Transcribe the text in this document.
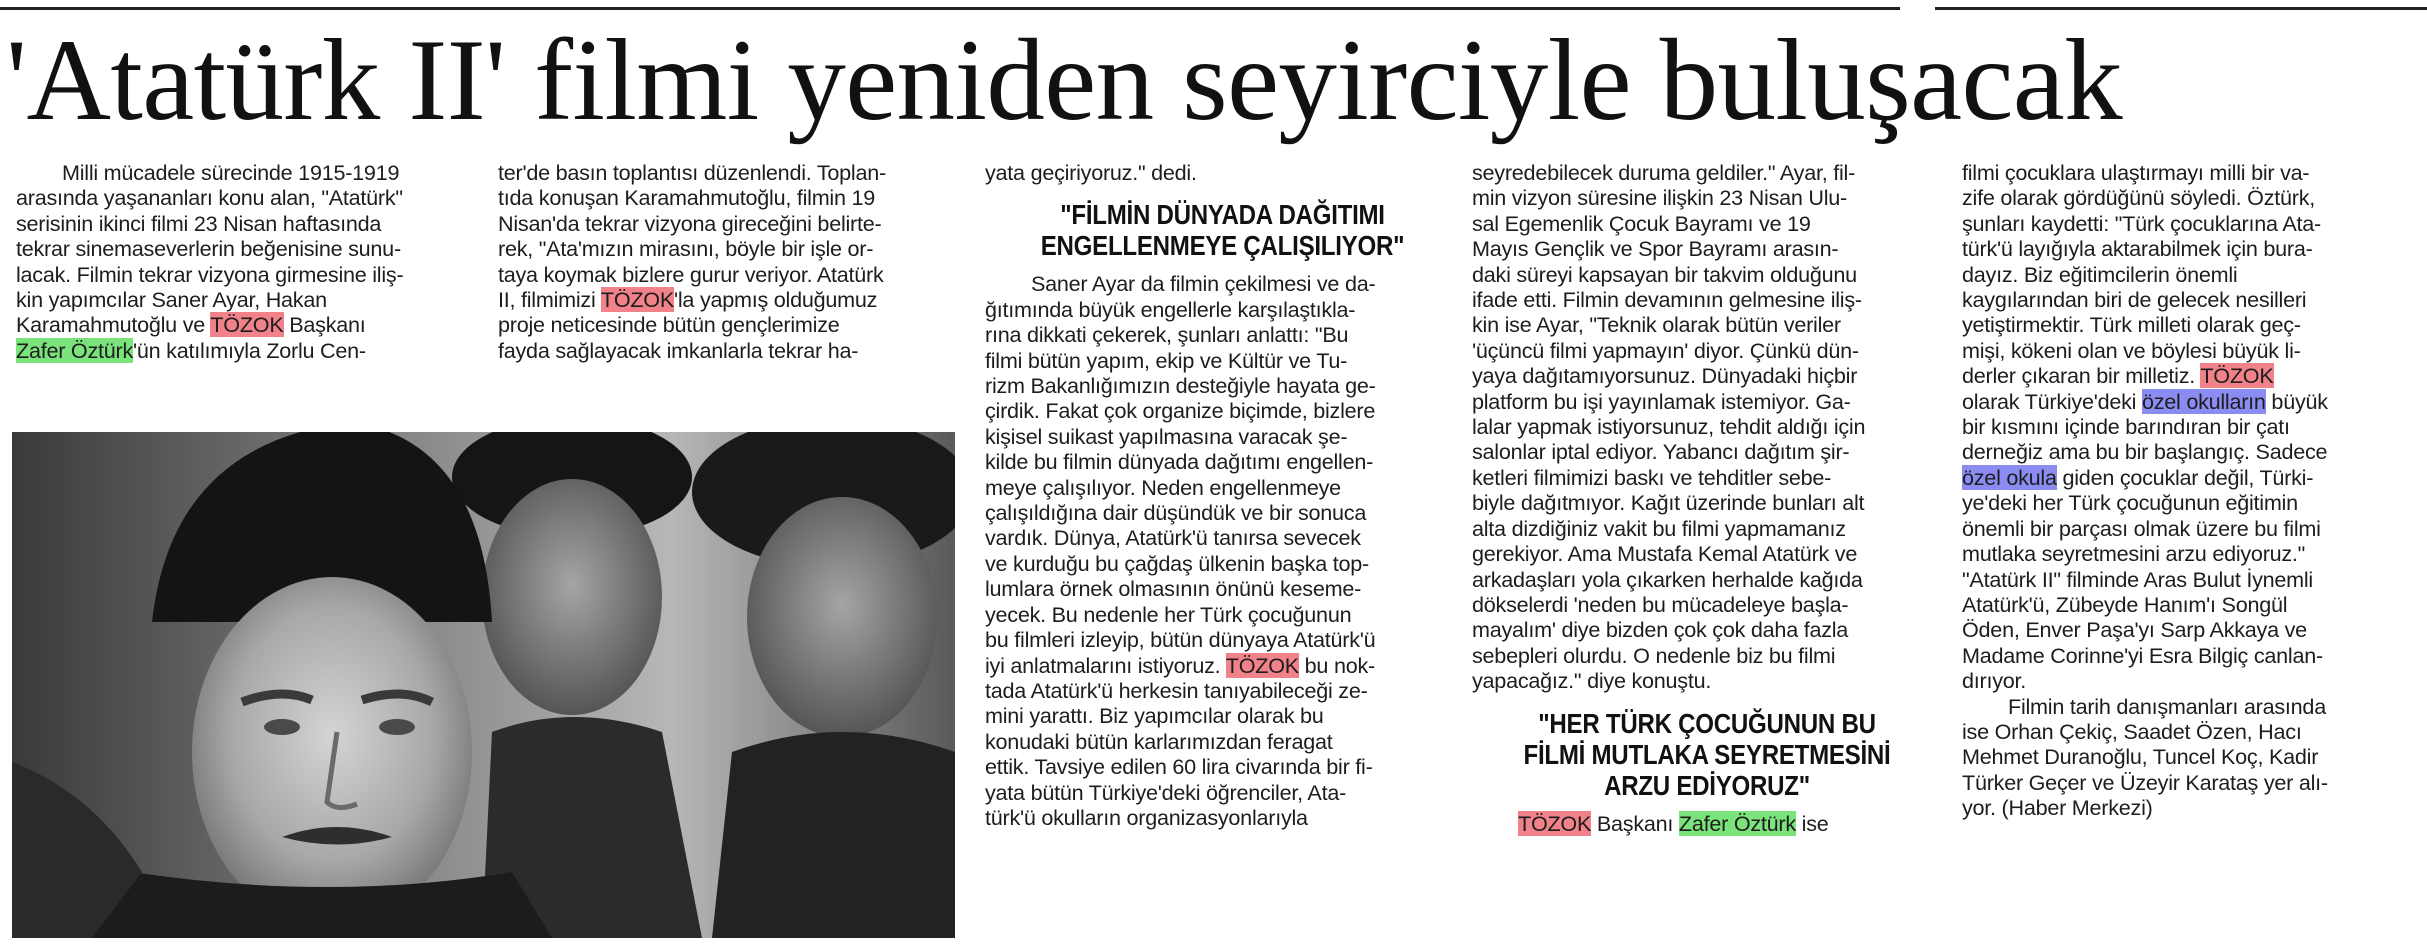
'Atatürk II' filmi yeniden seyirciyle buluşacak

Milli mücadele sürecinde 1915-1919
arasında yaşananları konu alan, "Atatürk"
serisinin ikinci filmi 23 Nisan haftasında
tekrar sinemaseverlerin beğenisine sunu-
lacak. Filmin tekrar vizyona girmesine iliş-
kin yapımcılar Saner Ayar, Hakan
Karamahmutoğlu ve TÖZOK Başkanı
Zafer Öztürk'ün katılımıyla Zorlu Cen-

ter'de basın toplantısı düzenlendi. Toplan-
tıda konuşan Karamahmutoğlu, filmin 19
Nisan'da tekrar vizyona gireceğini belirte-
rek, "Ata'mızın mirasını, böyle bir işle or-
taya koymak bizlere gurur veriyor. Atatürk
II, filmimizi TÖZOK'la yapmış olduğumuz
proje neticesinde bütün gençlerimize
fayda sağlayacak imkanlarla tekrar ha-

yata geçiriyoruz." dedi.

"FİLMİN DÜNYADA DAĞITIMI
ENGELLENMEYE ÇALIŞILIYOR"

Saner Ayar da filmin çekilmesi ve da-
ğıtımında büyük engellerle karşılaştıkla-
rına dikkati çekerek, şunları anlattı: "Bu
filmi bütün yapım, ekip ve Kültür ve Tu-
rizm Bakanlığımızın desteğiyle hayata ge-
çirdik. Fakat çok organize biçimde, bizlere
kişisel suikast yapılmasına varacak şe-
kilde bu filmin dünyada dağıtımı engellen-
meye çalışılıyor. Neden engellenmeye
çalışıldığına dair düşündük ve bir sonuca
vardık. Dünya, Atatürk'ü tanırsa sevecek
ve kurduğu bu çağdaş ülkenin başka top-
lumlara örnek olmasının önünü keseme-
yecek. Bu nedenle her Türk çocuğunun
bu filmleri izleyip, bütün dünyaya Atatürk'ü
iyi anlatmalarını istiyoruz. TÖZOK bu nok-
tada Atatürk'ü herkesin tanıyabileceği ze-
mini yarattı. Biz yapımcılar olarak bu
konudaki bütün karlarımızdan feragat
ettik. Tavsiye edilen 60 lira civarında bir fi-
yata bütün Türkiye'deki öğrenciler, Ata-
türk'ü okulların organizasyonlarıyla

seyredebilecek duruma geldiler." Ayar, fil-
min vizyon süresine ilişkin 23 Nisan Ulu-
sal Egemenlik Çocuk Bayramı ve 19
Mayıs Gençlik ve Spor Bayramı arasın-
daki süreyi kapsayan bir takvim olduğunu
ifade etti. Filmin devamının gelmesine iliş-
kin ise Ayar, "Teknik olarak bütün veriler
'üçüncü filmi yapmayın' diyor. Çünkü dün-
yaya dağıtamıyorsunuz. Dünyadaki hiçbir
platform bu işi yayınlamak istemiyor. Ga-
lalar yapmak istiyorsunuz, tehdit aldığı için
salonlar iptal ediyor. Yabancı dağıtım şir-
ketleri filmimizi baskı ve tehditler sebe-
biyle dağıtmıyor. Kağıt üzerinde bunları alt
alta dizdiğiniz vakit bu filmi yapmamanız
gerekiyor. Ama Mustafa Kemal Atatürk ve
arkadaşları yola çıkarken herhalde kağıda
dökselerdi 'neden bu mücadeleye başla-
mayalım' diye bizden çok çok daha fazla
sebepleri olurdu. O nedenle biz bu filmi
yapacağız." diye konuştu.

"HER TÜRK ÇOCUĞUNUN BU
FİLMİ MUTLAKA SEYRETMESİNİ
ARZU EDİYORUZ"

TÖZOK Başkanı Zafer Öztürk ise

filmi çocuklara ulaştırmayı milli bir va-
zife olarak gördüğünü söyledi. Öztürk,
şunları kaydetti: "Türk çocuklarına Ata-
türk'ü layığıyla aktarabilmek için bura-
dayız. Biz eğitimcilerin önemli
kaygılarından biri de gelecek nesilleri
yetiştirmektir. Türk milleti olarak geç-
mişi, kökeni olan ve böylesi büyük li-
derler çıkaran bir milletiz. TÖZOK
olarak Türkiye'deki özel okulların büyük
bir kısmını içinde barındıran bir çatı
derneğiz ama bu bir başlangıç. Sadece
özel okula giden çocuklar değil, Türki-
ye'deki her Türk çocuğunun eğitimin
önemli bir parçası olmak üzere bu filmi
mutlaka seyretmesini arzu ediyoruz."
"Atatürk II" filminde Aras Bulut İynemli
Atatürk'ü, Zübeyde Hanım'ı Songül
Öden, Enver Paşa'yı Sarp Akkaya ve
Madame Corinne'yi Esra Bilgiç canlan-
dırıyor.

Filmin tarih danışmanları arasında
ise Orhan Çekiç, Saadet Özen, Hacı
Mehmet Duranoğlu, Tuncel Koç, Kadir
Türker Geçer ve Üzeyir Karataş yer alı-
yor. (Haber Merkezi)
